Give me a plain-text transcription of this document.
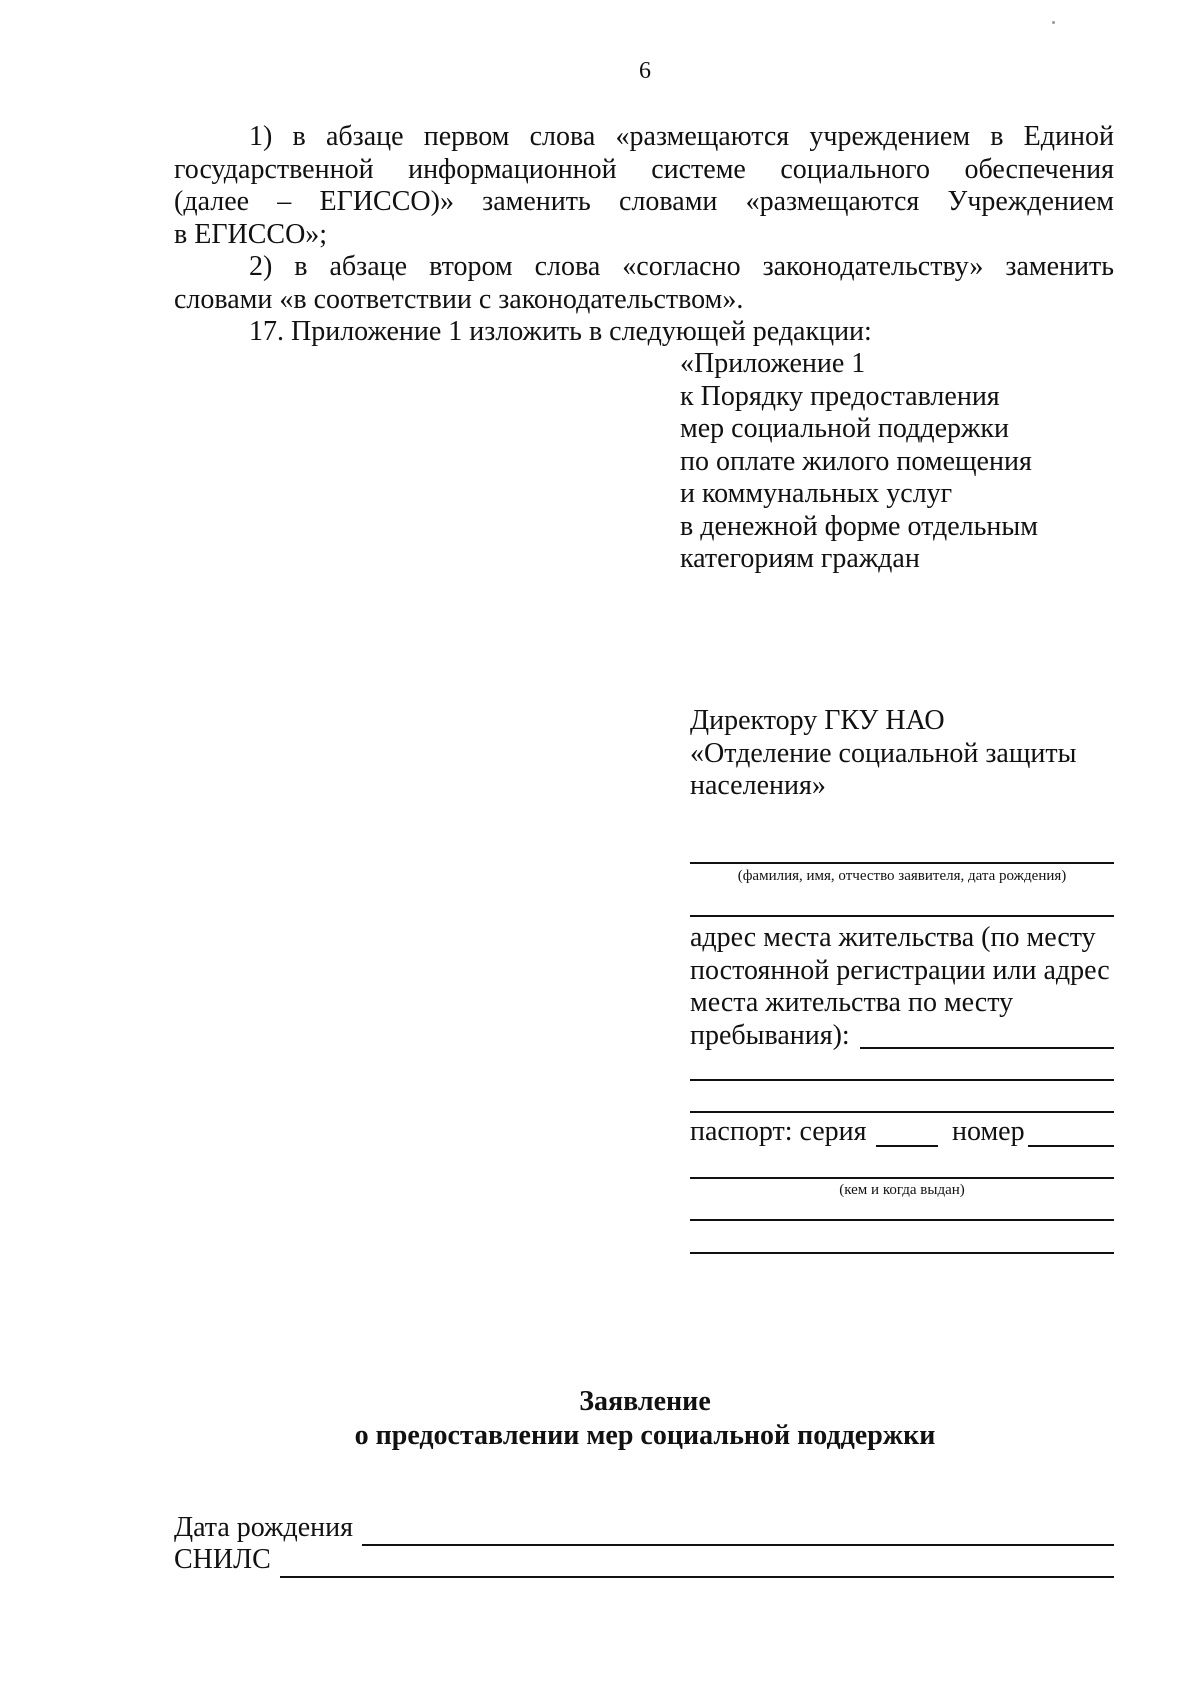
6
1) в абзаце первом слова «размещаются учреждением в Единой
государственной информационной системе социального обеспечения
(далее – ЕГИССО)» заменить словами «размещаются Учреждением
в ЕГИССО»;
2) в абзаце втором слова «согласно законодательству» заменить
словами «в соответствии с законодательством».
17. Приложение 1 изложить в следующей редакции:
«Приложение 1
к Порядку предоставления
мер социальной поддержки
по оплате жилого помещения
и коммунальных услуг
в денежной форме отдельным
категориям граждан
Директору ГКУ НАО
«Отделение социальной защиты
населения»
(фамилия, имя, отчество заявителя, дата рождения)
адрес места жительства (по месту
постоянной регистрации или адрес
места жительства по месту
пребывания):
паспорт: серия	номер
(кем и когда выдан)
Заявление
о предоставлении мер социальной поддержки
Дата рождения
СНИЛС
